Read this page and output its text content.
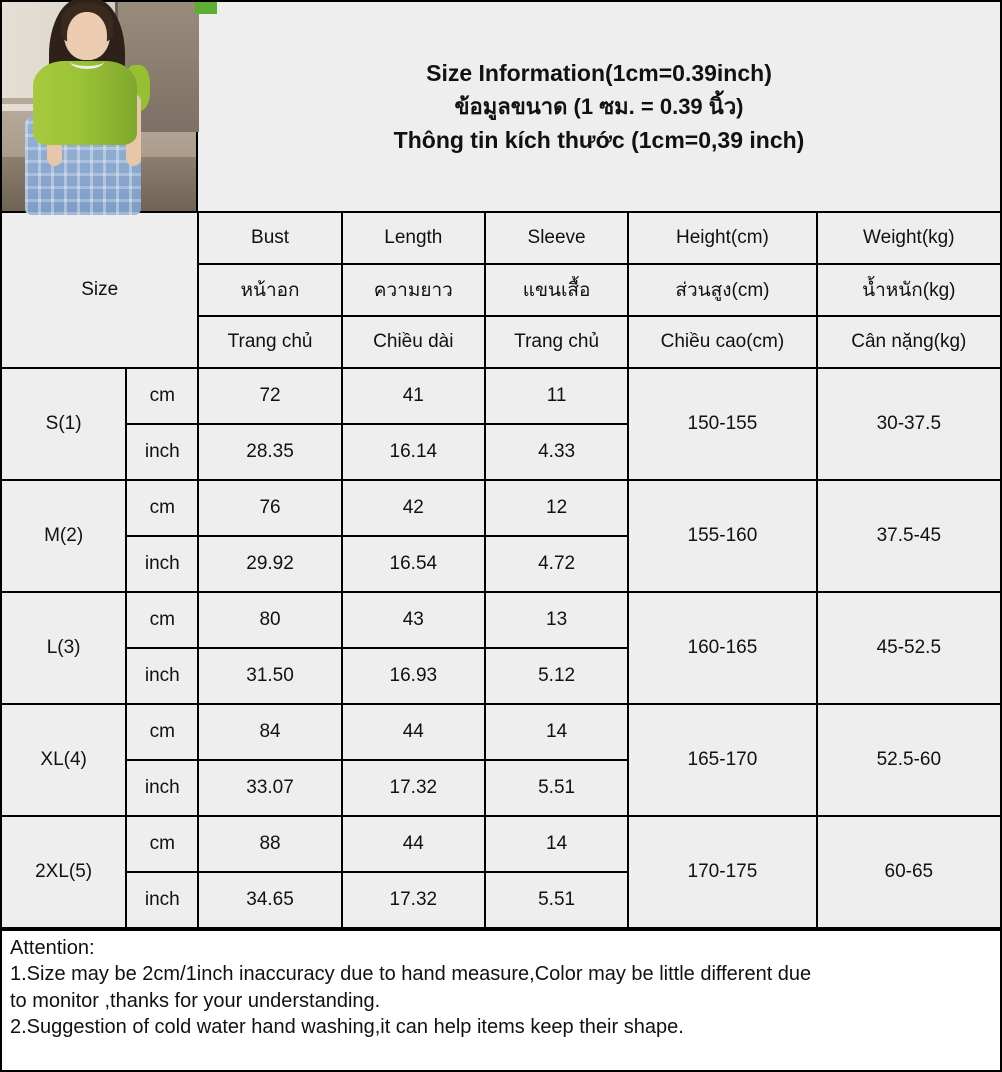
Size Information(1cm=0.39inch)
ข้อมูลขนาด (1 ซม. = 0.39 นิ้ว)
Thông tin kích thước (1cm=0,39 inch)
Size		Bust	Length	Sleeve	Height(cm)	Weight(kg)
		หน้าอก	ความยาว	แขนเสื้อ	ส่วนสูง(cm)	น้ำหนัก(kg)
		Trang chủ	Chiều dài	Trang chủ	Chiều cao(cm)	Cân nặng(kg)
S(1)	cm	72	41	11	150-155	30-37.5
	inch	28.35	16.14	4.33		
M(2)	cm	76	42	12	155-160	37.5-45
	inch	29.92	16.54	4.72		
L(3)	cm	80	43	13	160-165	45-52.5
	inch	31.50	16.93	5.12		
XL(4)	cm	84	44	14	165-170	52.5-60
	inch	33.07	17.32	5.51		
2XL(5)	cm	88	44	14	170-175	60-65
	inch	34.65	17.32	5.51		

Attention:

1.Size may be 2cm/1inch inaccuracy due to hand measure,Color may be little different due

to monitor ,thanks for your understanding.

2.Suggestion of cold water hand washing,it can help items keep their shape.
